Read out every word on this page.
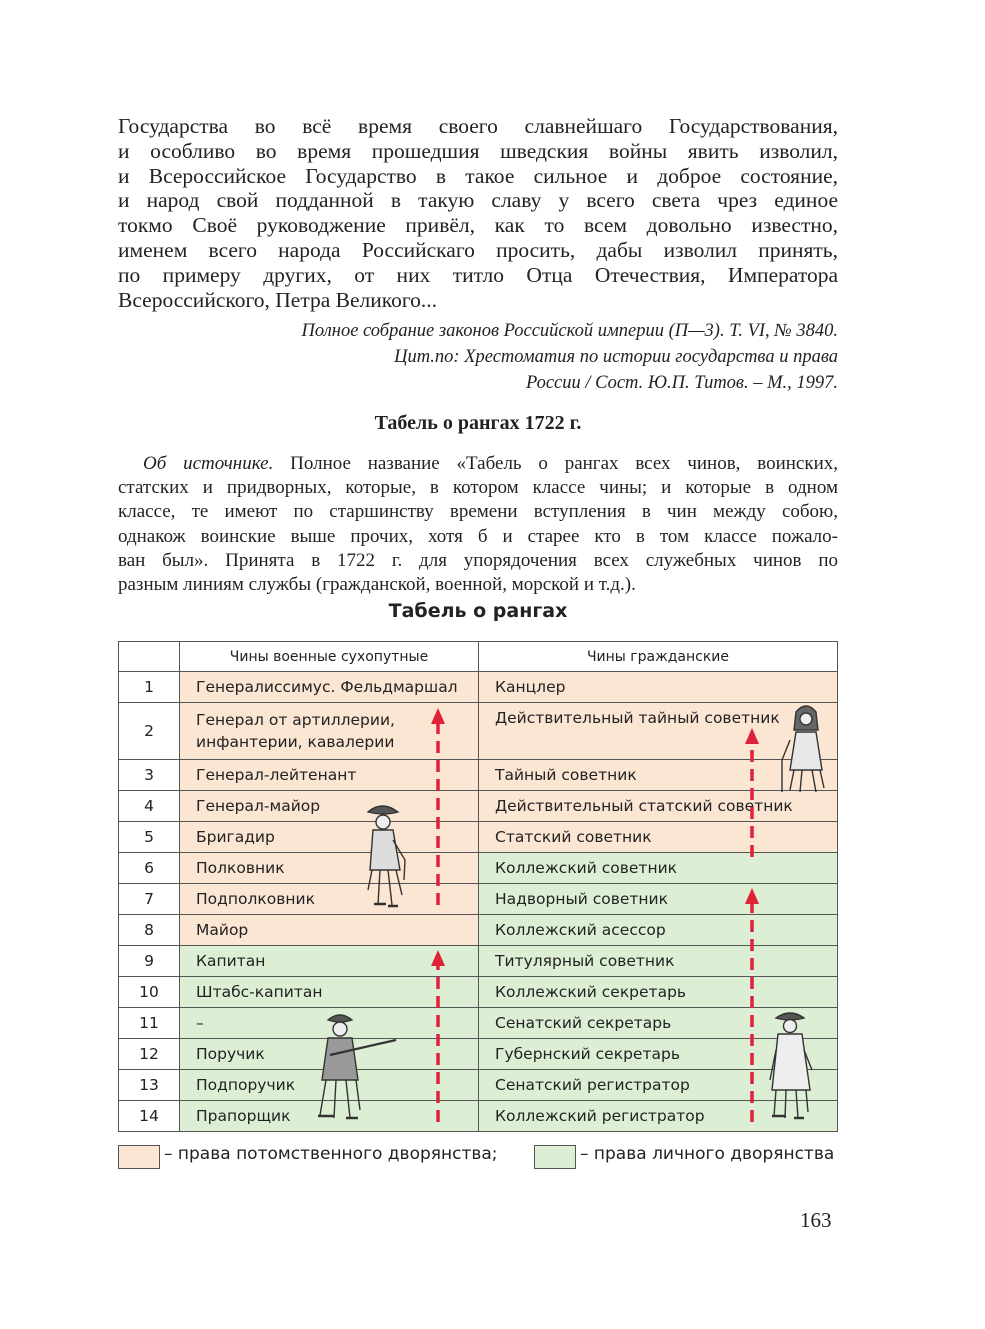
Государства во всё время своего славнейшаго Государствования,
и особливо во время прошедшия шведския войны явить изволил,
и Всероссийское Государство в такое сильное и доброе состояние,
и народ свой подданной в такую славу у всего света чрез единое
токмо Своё руководжение привёл, как то всем довольно известно,
именем всего народа Российскаго просить, дабы изволил принять,
по примеру других, от них титло Отца Отечествия, Императора
Всероссийского, Петра Великого...
Полное собрание законов Российской империи (П—3). Т. VI, № 3840.
Цит.по: Хрестоматия по истории государства и права
России / Сост. Ю.П. Титов. – М., 1997.
Табель о рангах 1722 г.
Об источнике. Полное название «Табель о рангах всех чинов, воинских,
статских и придворных, которые, в котором классе чины; и которые в одном
классе, те имеют по старшинству времени вступления в чин между собою,
однакож воинские выше прочих, хотя б и старее кто в том классе пожало-
ван был». Принята в 1722 г. для упорядочения всех служебных чинов по
разным линиям службы (гражданской, военной, морской и т.д.).
Табель о рангах
	Чины военные сухопутные	Чины гражданские
1	Генералиссимус. Фельдмаршал	Канцлер
2	Генерал от артиллерии, инфантерии, кавалерии	Действительный тайный советник
3	Генерал-лейтенант	Тайный советник
4	Генерал-майор	Действительный статский советник
5	Бригадир	Статский советник
6	Полковник	Коллежский советник
7	Подполковник	Надворный советник
8	Майор	Коллежский асессор
9	Капитан	Титулярный советник
10	Штабс-капитан	Коллежский секретарь
11	–	Сенатский секретарь
12	Поручик	Губернский секретарь
13	Подпоручик	Сенатский регистратор
14	Прапорщик	Коллежский регистратор
– права потомственного дворянства;	– права личного дворянства
163
